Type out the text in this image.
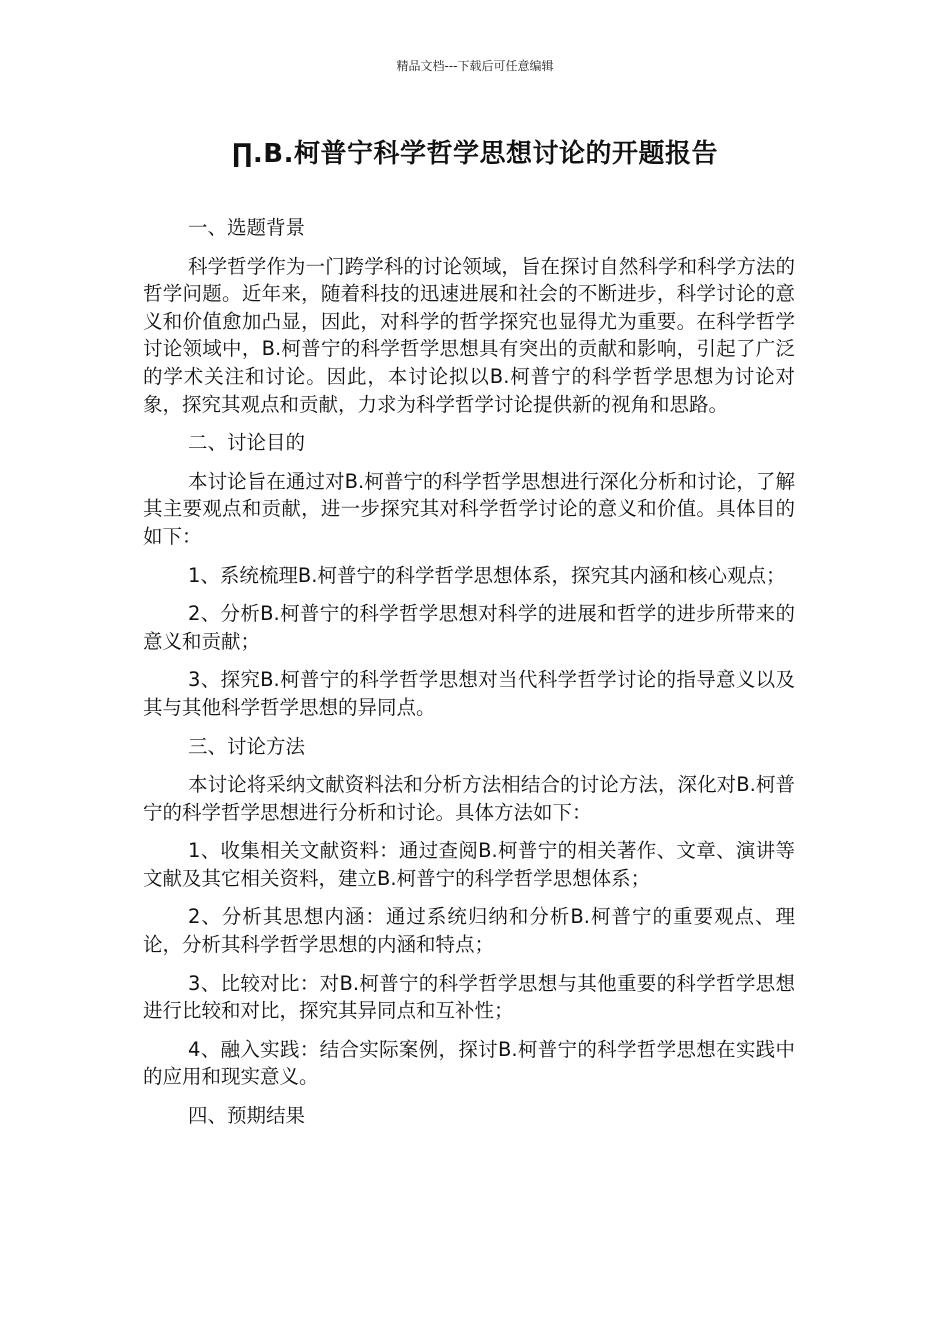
精品文档---下载后可任意编辑
∏.B.柯普宁科学哲学思想讨论的开题报告
一、选题背景
科学哲学作为一门跨学科的讨论领域，旨在探讨自然科学和科学方法的哲学问题。近年来，随着科技的迅速进展和社会的不断进步，科学讨论的意义和价值愈加凸显，因此，对科学的哲学探究也显得尤为重要。在科学哲学讨论领域中，B.柯普宁的科学哲学思想具有突出的贡献和影响，引起了广泛的学术关注和讨论。因此，本讨论拟以B.柯普宁的科学哲学思想为讨论对象，探究其观点和贡献，力求为科学哲学讨论提供新的视角和思路。
二、讨论目的
本讨论旨在通过对B.柯普宁的科学哲学思想进行深化分析和讨论，了解其主要观点和贡献，进一步探究其对科学哲学讨论的意义和价值。具体目的如下：
1、系统梳理B.柯普宁的科学哲学思想体系，探究其内涵和核心观点；
2、分析B.柯普宁的科学哲学思想对科学的进展和哲学的进步所带来的意义和贡献；
3、探究B.柯普宁的科学哲学思想对当代科学哲学讨论的指导意义以及其与其他科学哲学思想的异同点。
三、讨论方法
本讨论将采纳文献资料法和分析方法相结合的讨论方法，深化对B.柯普宁的科学哲学思想进行分析和讨论。具体方法如下：
1、收集相关文献资料：通过查阅B.柯普宁的相关著作、文章、演讲等文献及其它相关资料，建立B.柯普宁的科学哲学思想体系；
2、分析其思想内涵：通过系统归纳和分析B.柯普宁的重要观点、理论，分析其科学哲学思想的内涵和特点；
3、比较对比：对B.柯普宁的科学哲学思想与其他重要的科学哲学思想进行比较和对比，探究其异同点和互补性；
4、融入实践：结合实际案例，探讨B.柯普宁的科学哲学思想在实践中的应用和现实意义。
四、预期结果
